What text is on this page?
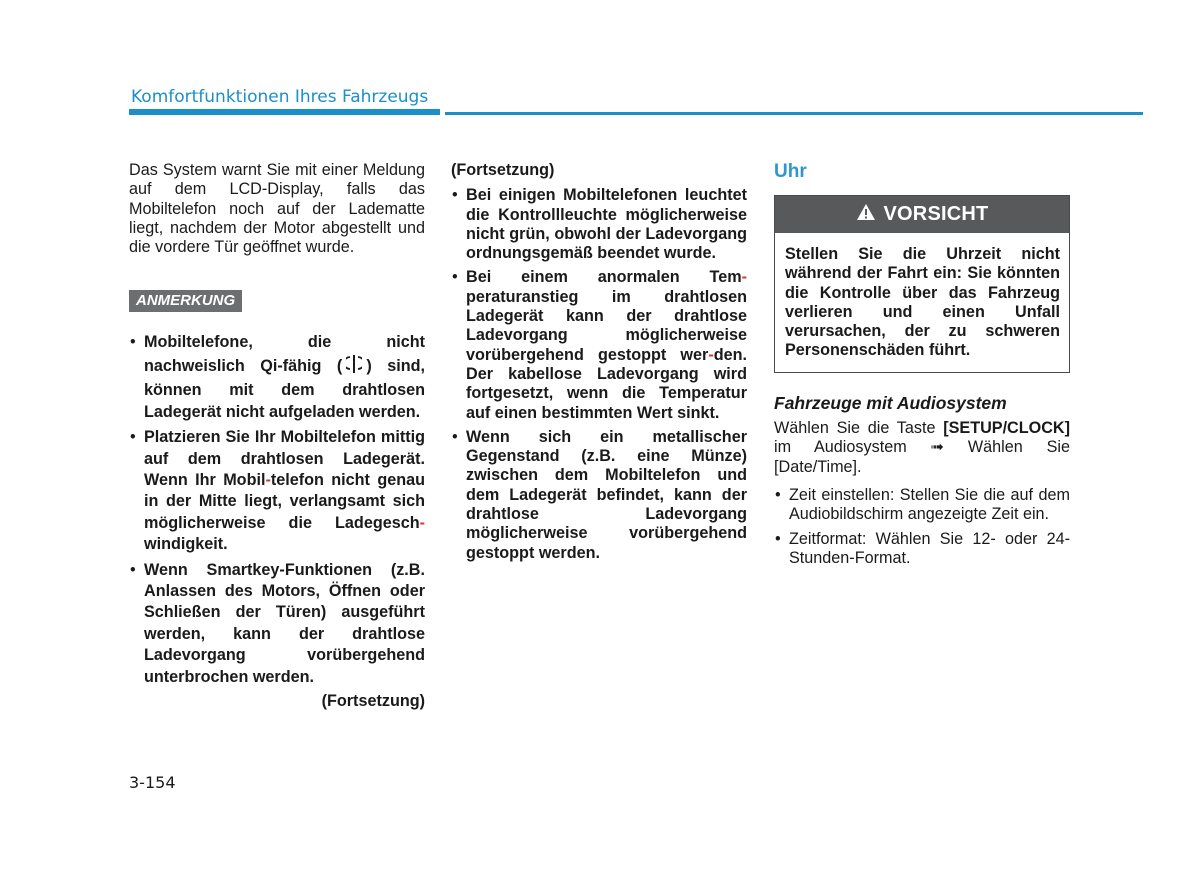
Komfortfunktionen Ihres Fahrzeugs

Das System warnt Sie mit einer Meldung auf dem LCD-Display, falls das Mobiltelefon noch auf der Ladematte liegt, nachdem der Motor abgestellt und die vordere Tür geöffnet wurde.

ANMERKUNG
• Mobiltelefone, die nicht nachweislich Qi-fähig ( ) sind, können mit dem drahtlosen Ladegerät nicht aufgeladen werden.
• Platzieren Sie Ihr Mobiltelefon mittig auf dem drahtlosen Ladegerät. Wenn Ihr Mobil-telefon nicht genau in der Mitte liegt, verlangsamt sich möglicherweise die Ladegesch-windigkeit.
• Wenn Smartkey-Funktionen (z.B. Anlassen des Motors, Öffnen oder Schließen der Türen) ausgeführt werden, kann der drahtlose Ladevorgang vorübergehend unterbrochen werden.

(Fortsetzung)

(Fortsetzung)

• Bei einigen Mobiltelefonen leuchtet die Kontrollleuchte möglicherweise nicht grün, obwohl der Ladevorgang ordnungsgemäß beendet wurde.
• Bei einem anormalen Tem-peraturanstieg im drahtlosen Ladegerät kann der drahtlose Ladevorgang möglicherweise vorübergehend gestoppt wer-den. Der kabellose Ladevorgang wird fortgesetzt, wenn die Temperatur auf einen bestimmten Wert sinkt.
• Wenn sich ein metallischer Gegenstand (z.B. eine Münze) zwischen dem Mobiltelefon und dem Ladegerät befindet, kann der drahtlose Ladevorgang möglicherweise vorübergehend gestoppt werden.

Uhr

VORSICHT
Stellen Sie die Uhrzeit nicht während der Fahrt ein: Sie könnten die Kontrolle über das Fahrzeug verlieren und einen Unfall verursachen, der zu schweren Personenschäden führt.

Fahrzeuge mit Audiosystem

Wählen Sie die Taste [SETUP/CLOCK] im Audiosystem ➟ Wählen Sie [Date/Time].

• Zeit einstellen: Stellen Sie die auf dem Audiobildschirm angezeigte Zeit ein.
• Zeitformat: Wählen Sie 12- oder 24-Stunden-Format.
3-154
